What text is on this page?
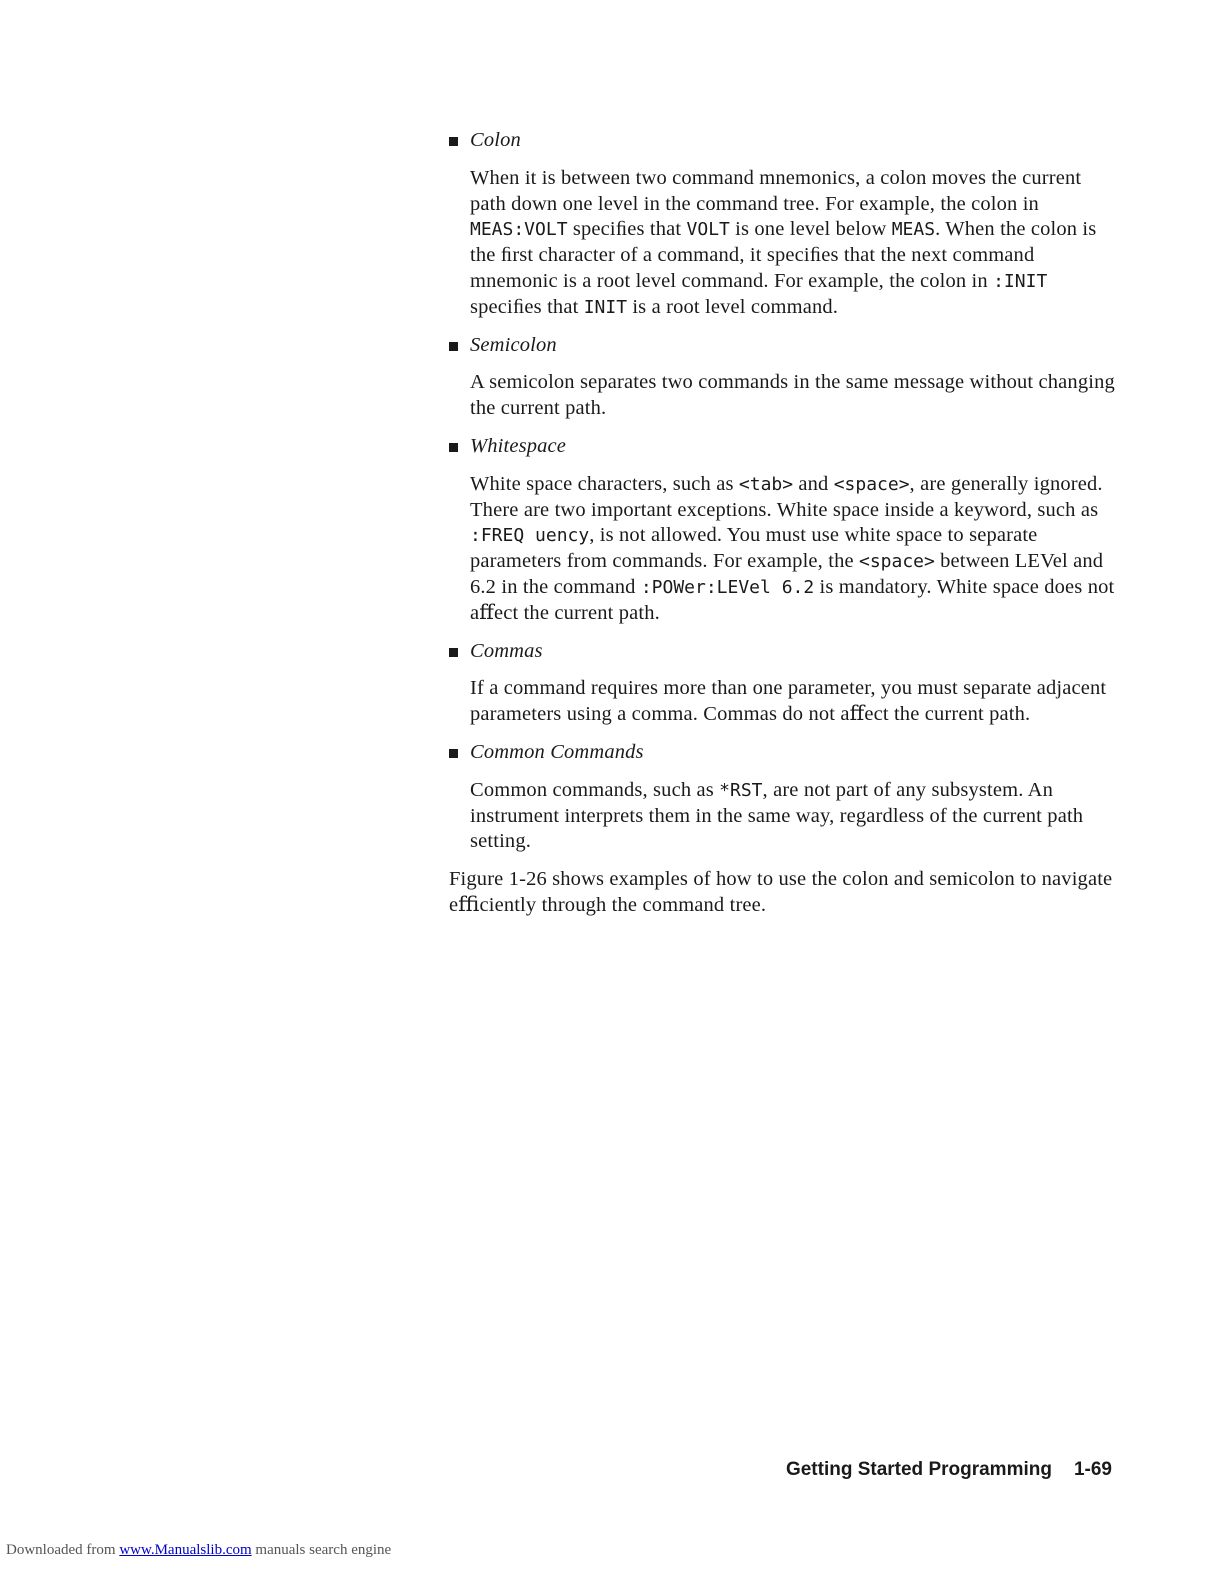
Colon

When it is between two command mnemonics, a colon moves the current path down one level in the command tree. For example, the colon in MEAS:VOLT speciﬁes that VOLT is one level below MEAS. When the colon is the ﬁrst character of a command, it speciﬁes that the next command mnemonic is a root level command. For example, the colon in :INIT speciﬁes that INIT is a root level command.

Semicolon

A semicolon separates two commands in the same message without changing the current path.

Whitespace

White space characters, such as <tab> and <space>, are generally ignored. There are two important exceptions. White space inside a keyword, such as :FREQ uency, is not allowed. You must use white space to separate parameters from commands. For example, the <space> between LEVel and 6.2 in the command :POWer:LEVel 6.2 is mandatory. White space does not aﬀect the current path.

Commas

If a command requires more than one parameter, you must separate adjacent parameters using a comma. Commas do not aﬀect the current path.

Common Commands

Common commands, such as *RST, are not part of any subsystem. An instrument interprets them in the same way, regardless of the current path setting.

Figure 1-26 shows examples of how to use the colon and semicolon to navigate eﬃciently through the command tree.

Getting Started Programming 1-69
Downloaded from www.Manualslib.com manuals search engine
